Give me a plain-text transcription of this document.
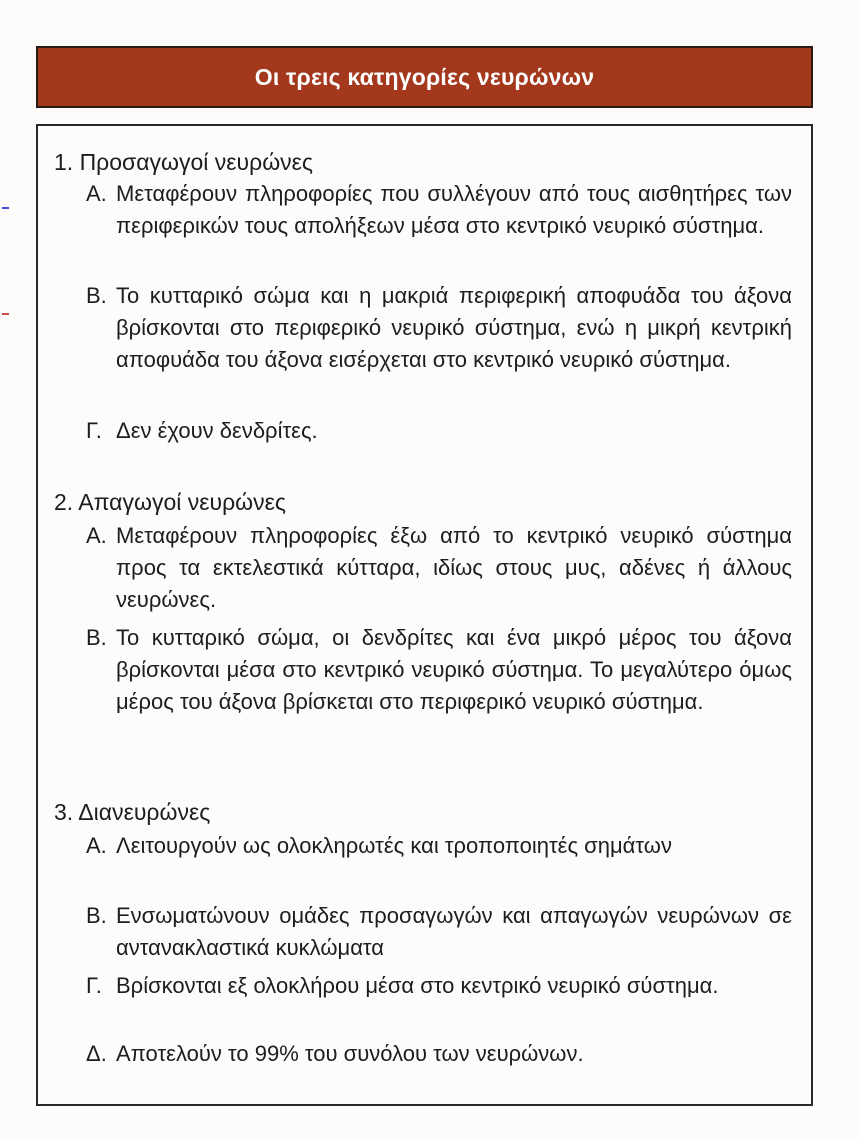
Οι τρεις κατηγορίες νευρώνων
1. Προσαγωγοί νευρώνες
Α. Μεταφέρουν πληροφορίες που συλλέγουν από τους αισθητήρες των περιφερικών τους απολήξεων μέσα στο κεντρικό νευρικό σύστημα.
Β. Το κυτταρικό σώμα και η μακριά περιφερική αποφυάδα του άξονα βρίσκονται στο περιφερικό νευρικό σύστημα, ενώ η μικρή κεντρική αποφυάδα του άξονα εισέρχεται στο κεντρικό νευρικό σύστημα.
Γ. Δεν έχουν δενδρίτες.
2. Απαγωγοί νευρώνες
Α. Μεταφέρουν πληροφορίες έξω από το κεντρικό νευρικό σύστημα προς τα εκτελεστικά κύτταρα, ιδίως στους μυς, αδένες ή άλλους νευρώνες.
Β. Το κυτταρικό σώμα, οι δενδρίτες και ένα μικρό μέρος του άξονα βρίσκονται μέσα στο κεντρικό νευρικό σύστημα. Το μεγαλύτερο όμως μέρος του άξονα βρίσκεται στο περιφερικό νευρικό σύστημα.
3. Διανευρώνες
Α. Λειτουργούν ως ολοκληρωτές και τροποποιητές σημάτων
Β. Ενσωματώνουν ομάδες προσαγωγών και απαγωγών νευρώνων σε αντανακλαστικά κυκλώματα
Γ. Βρίσκονται εξ ολοκλήρου μέσα στο κεντρικό νευρικό σύστημα.
Δ. Αποτελούν το 99% του συνόλου των νευρώνων.
